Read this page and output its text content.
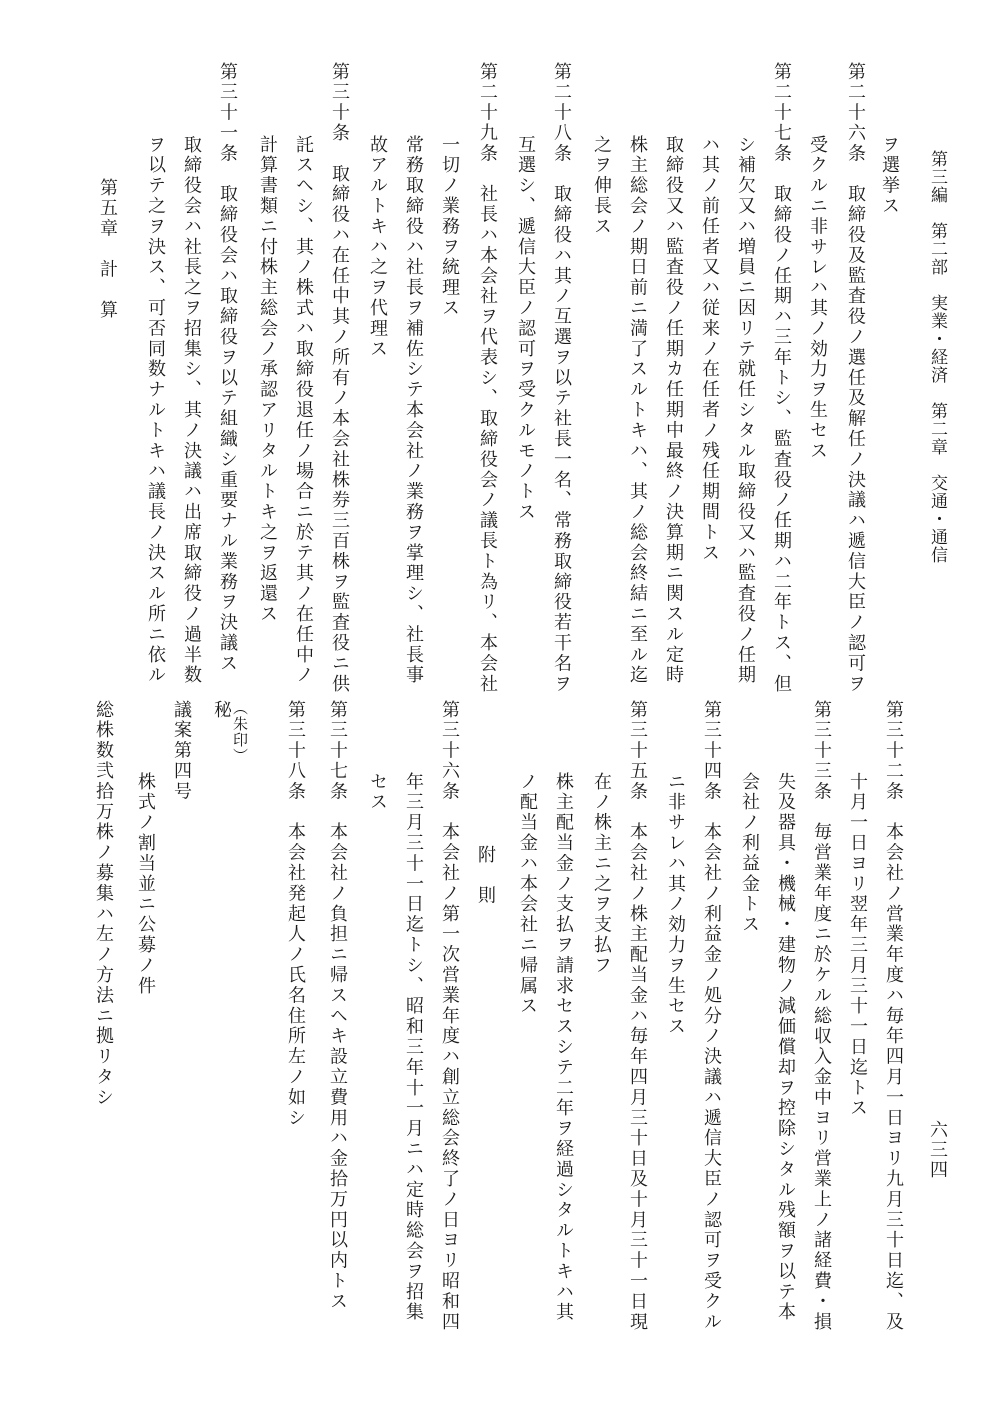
第三編　第二部　実業・経済　第二章　交通・通信
六三四
ヲ選挙ス
第二十六条　取締役及監査役ノ選任及解任ノ決議ハ遞信大臣ノ認可ヲ
受クルニ非サレハ其ノ効力ヲ生セス
第二十七条　取締役ノ任期ハ三年トシ、監査役ノ任期ハ二年トス、但
シ補欠又ハ増員ニ因リテ就任シタル取締役又ハ監査役ノ任期
ハ其ノ前任者又ハ従来ノ在任者ノ残任期間トス
取締役又ハ監査役ノ任期カ任期中最終ノ決算期ニ関スル定時
株主総会ノ期日前ニ満了スルトキハ、其ノ総会終結ニ至ル迄
之ヲ伸長ス
第二十八条　取締役ハ其ノ互選ヲ以テ社長一名、常務取締役若干名ヲ
互選シ、遞信大臣ノ認可ヲ受クルモノトス
第二十九条　社長ハ本会社ヲ代表シ、取締役会ノ議長ト為リ、本会社
一切ノ業務ヲ統理ス
常務取締役ハ社長ヲ補佐シテ本会社ノ業務ヲ掌理シ、社長事
故アルトキハ之ヲ代理ス
第三十条　取締役ハ在任中其ノ所有ノ本会社株券三百株ヲ監査役ニ供
託スヘシ、其ノ株式ハ取締役退任ノ場合ニ於テ其ノ在任中ノ
計算書類ニ付株主総会ノ承認アリタルトキ之ヲ返還ス
第三十一条　取締役会ハ取締役ヲ以テ組織シ重要ナル業務ヲ決議ス
取締役会ハ社長之ヲ招集シ、其ノ決議ハ出席取締役ノ過半数
ヲ以テ之ヲ決ス、可否同数ナルトキハ議長ノ決スル所ニ依ル
第五章　計　算
第三十二条　本会社ノ営業年度ハ毎年四月一日ヨリ九月三十日迄、及
十月一日ヨリ翌年三月三十一日迄トス
第三十三条　毎営業年度ニ於ケル総収入金中ヨリ営業上ノ諸経費・損
失及器具・機械・建物ノ減価償却ヲ控除シタル残額ヲ以テ本
会社ノ利益金トス
第三十四条　本会社ノ利益金ノ処分ノ決議ハ遞信大臣ノ認可ヲ受クル
ニ非サレハ其ノ効力ヲ生セス
第三十五条　本会社ノ株主配当金ハ毎年四月三十日及十月三十一日現
在ノ株主ニ之ヲ支払フ
株主配当金ノ支払ヲ請求セスシテ二年ヲ経過シタルトキハ其
ノ配当金ハ本会社ニ帰属ス
附　則
第三十六条　本会社ノ第一次営業年度ハ創立総会終了ノ日ヨリ昭和四
年三月三十一日迄トシ、昭和三年十一月ニハ定時総会ヲ招集
セス
第三十七条　本会社ノ負担ニ帰スヘキ設立費用ハ金拾万円以内トス
第三十八条　本会社発起人ノ氏名住所左ノ如シ
秘 （朱印）
議案第四号
株式ノ割当並ニ公募ノ件
総株数弐拾万株ノ募集ハ左ノ方法ニ拠リタシ
